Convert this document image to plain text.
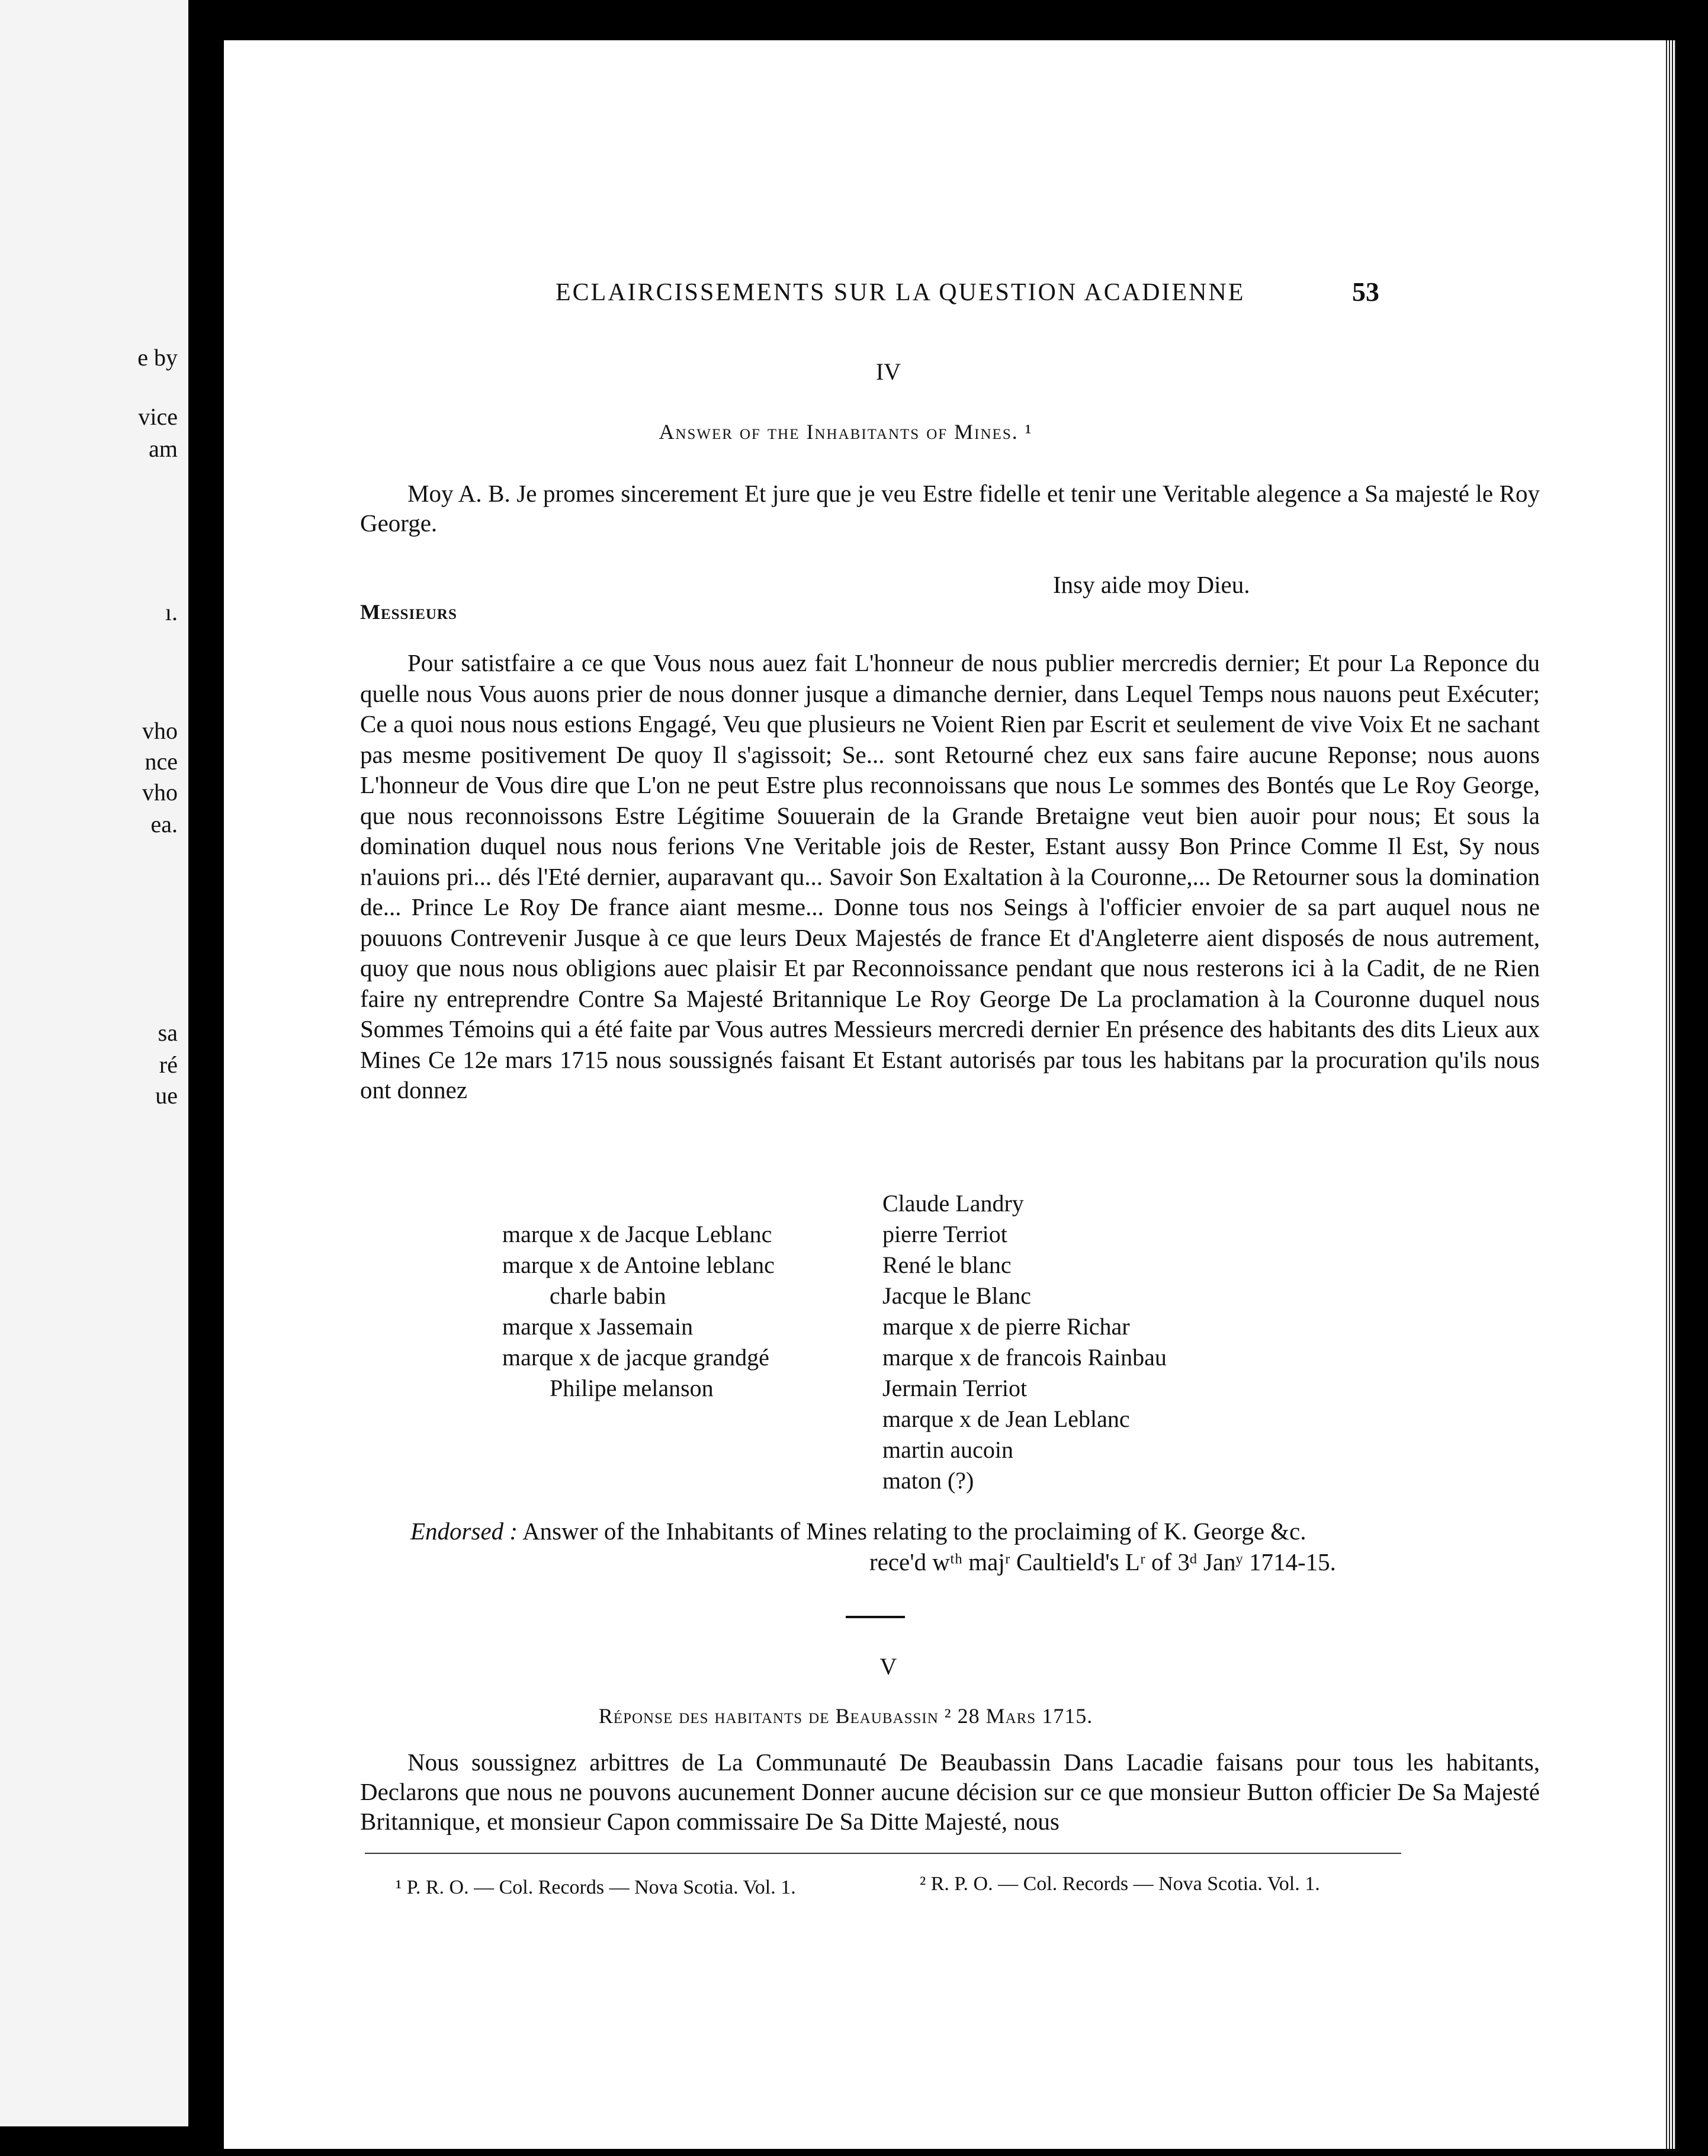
e by
vice
am
ı.
vho
nce
vho
ea.
sa
ré
ue
ECLAIRCISSEMENTS SUR LA QUESTION ACADIENNE	53
IV
Answer of the Inhabitants of Mines. ¹
Moy A. B. Je promes sincerement Et jure que je veu Estre fidelle et tenir une Veritable alegence a Sa majesté le Roy George.
Insy aide moy Dieu.
Messieurs
Pour satistfaire a ce que Vous nous auez fait L'honneur de nous publier mercredis dernier; Et pour La Reponce du quelle nous Vous auons prier de nous donner jusque a dimanche dernier, dans Lequel Temps nous nauons peut Exécuter; Ce a quoi nous nous estions Engagé, Veu que plusieurs ne Voient Rien par Escrit et seulement de vive Voix Et ne sachant pas mesme positivement De quoy Il s'agissoit; Se... sont Retourné chez eux sans faire aucune Reponse; nous auons L'honneur de Vous dire que L'on ne peut Estre plus reconnoissans que nous Le sommes des Bontés que Le Roy George, que nous reconnoissons Estre Légitime Souuerain de la Grande Bretaigne veut bien auoir pour nous; Et sous la domination duquel nous nous ferions Vne Veritable jois de Rester, Estant aussy Bon Prince Comme Il Est, Sy nous n'auions pri... dés l'Eté dernier, auparavant qu... Savoir Son Exaltation à la Couronne,... De Retourner sous la domination de... Prince Le Roy De france aiant mesme... Donne tous nos Seings à l'officier envoier de sa part auquel nous ne pouuons Contrevenir Jusque à ce que leurs Deux Majestés de france Et d'Angleterre aient disposés de nous autrement, quoy que nous nous obligions auec plaisir Et par Reconnoissance pendant que nous resterons ici à la Cadit, de ne Rien faire ny entreprendre Contre Sa Majesté Britannique Le Roy George De La proclamation à la Couronne duquel nous Sommes Témoins qui a été faite par Vous autres Messieurs mercredi dernier En présence des habitants des dits Lieux aux Mines Ce 12e mars 1715 nous soussignés faisant Et Estant autorisés par tous les habitans par la procuration qu'ils nous ont donnez
marque x de Jacque Leblanc
marque x de Antoine leblanc
charle babin
marque x Jassemain
marque x de jacque grandgé
Philipe melanson
Claude Landry
pierre Terriot
René le blanc
Jacque le Blanc
marque x de pierre Richar
marque x de francois Rainbau
Jermain Terriot
marque x de Jean Leblanc
martin aucoin
maton (?)
Endorsed : Answer of the Inhabitants of Mines relating to the proclaiming of K. George &c.
rece'd wᵗʰ majʳ Caultield's Lʳ of 3ᵈ Janʸ 1714-15.
V
Réponse des habitants de Beaubassin ² 28 Mars 1715.
Nous soussignez arbittres de La Communauté De Beaubassin Dans Lacadie faisans pour tous les habitants, Declarons que nous ne pouvons aucunement Donner aucune décision sur ce que monsieur Button officier De Sa Majesté Britannique, et monsieur Capon commissaire De Sa Ditte Majesté, nous
¹ P. R. O. — Col. Records — Nova Scotia. Vol. 1.	² R. P. O. — Col. Records — Nova Scotia. Vol. 1.
